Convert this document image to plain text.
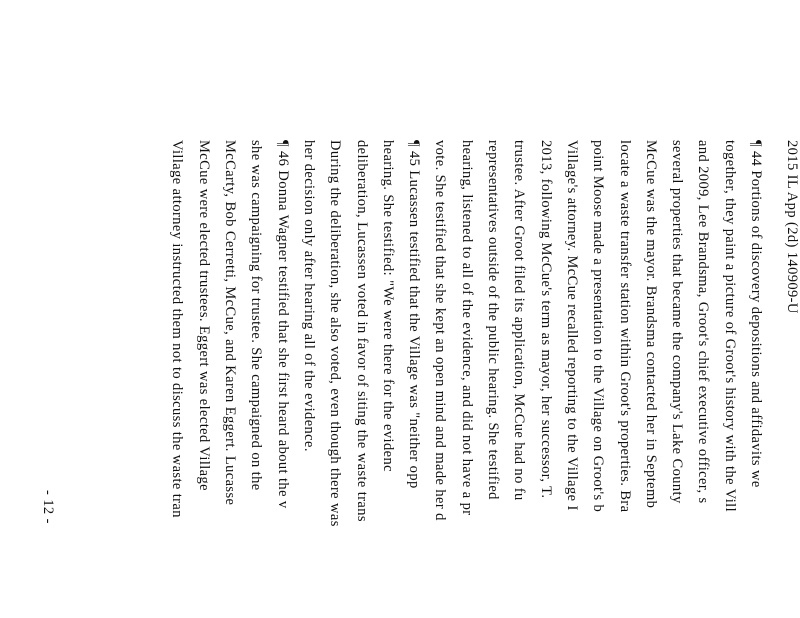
2015 IL App (2d) 140909-U
¶ 44 Portions of discovery depositions and affidavits we
together, they paint a picture of Groot's history with the Vill
and 2009, Lee Brandsma, Groot's chief executive officer, s
several properties that became the company's Lake County
McCue was the mayor. Brandsma contacted her in Septemb
locate a waste transfer station within Groot's properties. Bra
point Moose made a presentation to the Village on Groot's b
Village's attorney. McCue recalled reporting to the Village I
2013, following McCue's term as mayor, her successor, T.
trustee. After Groot filed its application, McCue had no fu
representatives outside of the public hearing. She testified
hearing, listened to all of the evidence, and did not have a pr
vote. She testified that she kept an open mind and made her d
¶ 45 Lucassen testified that the Village was "neither opp
hearing. She testified: "We were there for the evidenc
deliberation, Lucassen voted in favor of siting the waste trans
During the deliberation, she also voted, even though there was
her decision only after hearing all of the evidence.
¶ 46 Donna Wagner testified that she first heard about the v
she was campaigning for trustee. She campaigned on the
McCarty, Bob Cerretti, McCue, and Karen Eggert. Lucasse
McCue were elected trustees. Eggert was elected Village
Village attorney instructed them not to discuss the waste tran
- 12 -
